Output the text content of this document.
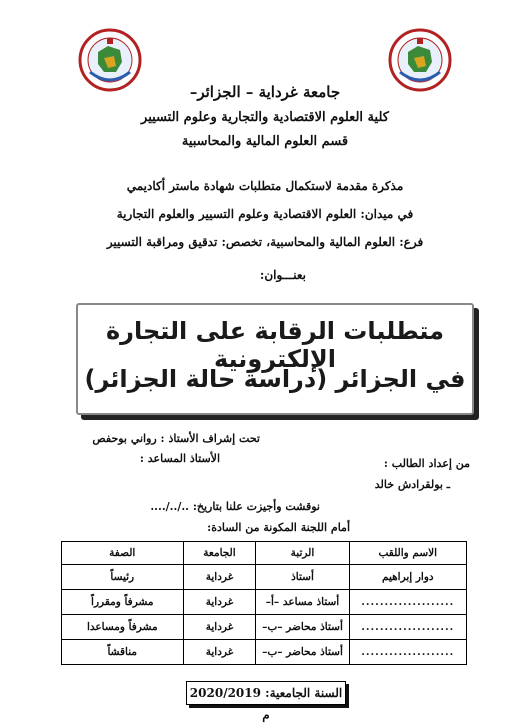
جامعة غرداية – الجزائر–
كلية العلوم الاقتصادية والتجارية وعلوم التسيير
قسم العلوم المالية والمحاسبية
مذكرة مقدمة لاستكمال متطلبات شهادة ماستر أكاديمي
في ميدان: العلوم الاقتصادية وعلوم التسيير والعلوم التجارية
فرع: العلوم المالية والمحاسبية، تخصص: تدقيق ومراقبة التسيير
بعنـــوان:
متطلبات الرقابة على التجارة الإلكترونية
في الجزائر (دراسة حالة الجزائر)
تحت إشراف الأستاذ : رواني بوحفص
الأستاذ المساعد :	من إعداد الطالب :
ـ بولقرادش خالد
نوقشت وأجيزت علنا بتاريخ: ../../....
أمام اللجنة المكونة من السادة:
الاسم واللقب	الرتبة	الجامعة	الصفة
دوار إبراهيم	أستاذ	غرداية	رئيساً
....................	أستاذ مساعد –أ–	غرداية	مشرفاً ومقرراً
....................	أستاذ محاضر –ب–	غرداية	مشرفاً ومساعدا
....................	أستاذ محاضر –ب–	غرداية	مناقشاً
السنة الجامعية: 2020/2019 م
